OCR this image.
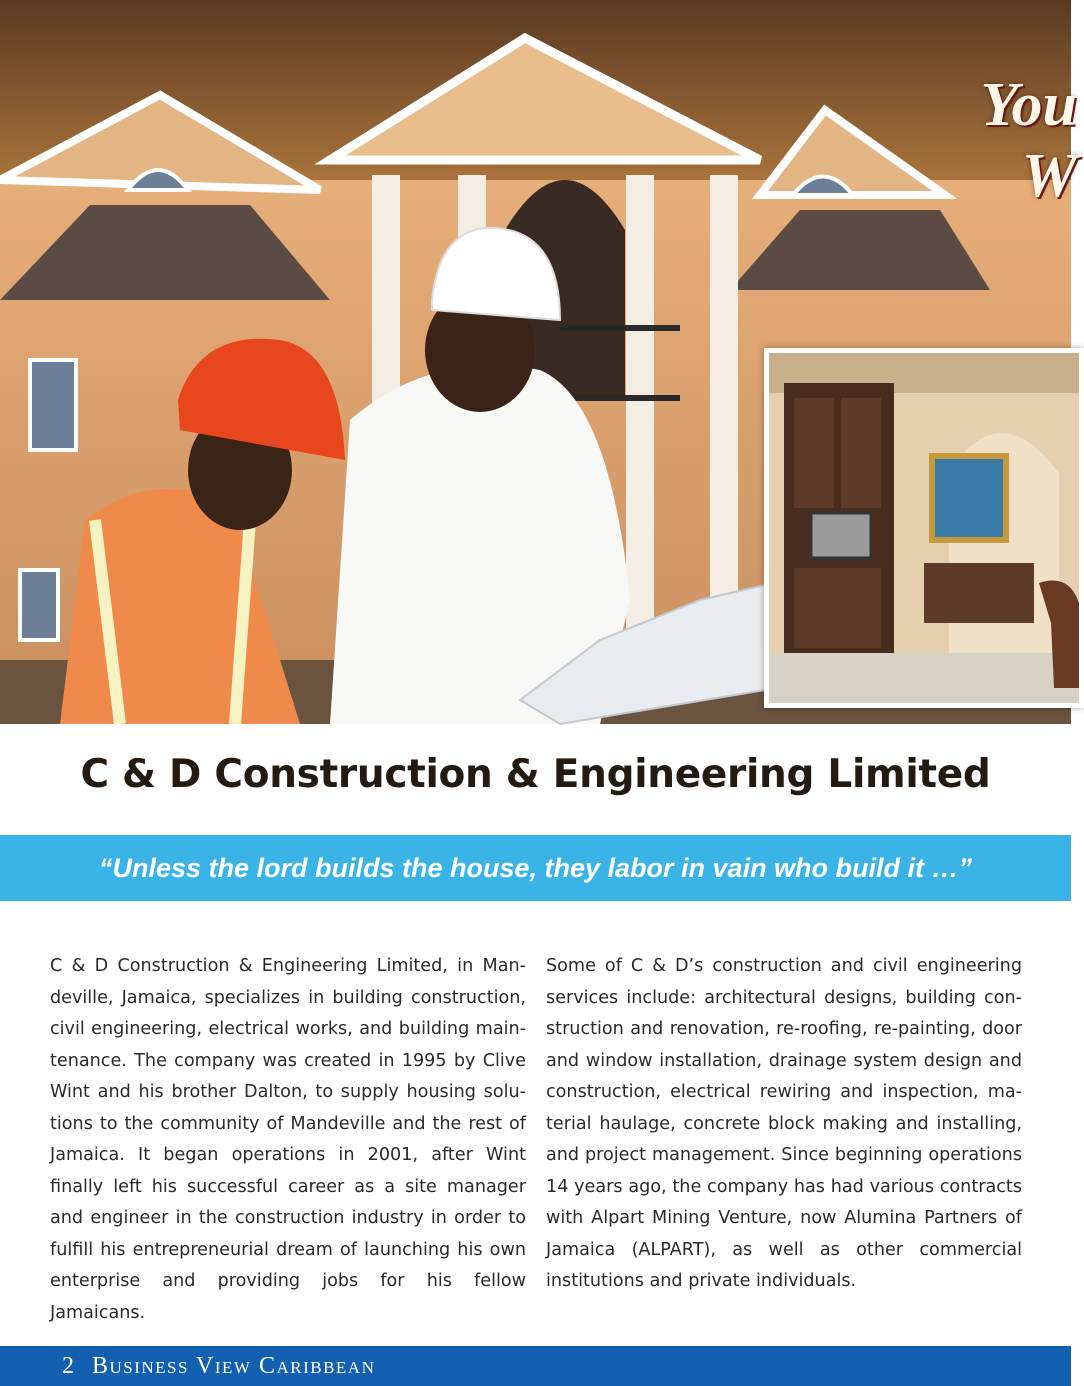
You
W
C & D Construction & Engineering Limited
“Unless the lord builds the house, they labor in vain who build it …”

C & D Construction & Engineering Limited, in Mandeville, Jamaica, specializes in building construction, civil engineering, electrical works, and building maintenance. The company was created in 1995 by Clive Wint and his brother Dalton, to supply housing solutions to the community of Mandeville and the rest of Jamaica. It began operations in 2001, after Wint finally left his successful career as a site manager and engineer in the construction industry in order to fulfill his entrepreneurial dream of launching his own enterprise and providing jobs for his fellow Jamaicans.

Some of C & D’s construction and civil engineering services include: architectural designs, building construction and renovation, re-roofing, re-painting, door and window installation, drainage system design and construction, electrical rewiring and inspection, material haulage, concrete block making and installing, and project management. Since beginning operations 14 years ago, the company has had various contracts with Alpart Mining Venture, now Alumina Partners of Jamaica (ALPART), as well as other commercial institutions and private individuals.

2 Business View Caribbean
